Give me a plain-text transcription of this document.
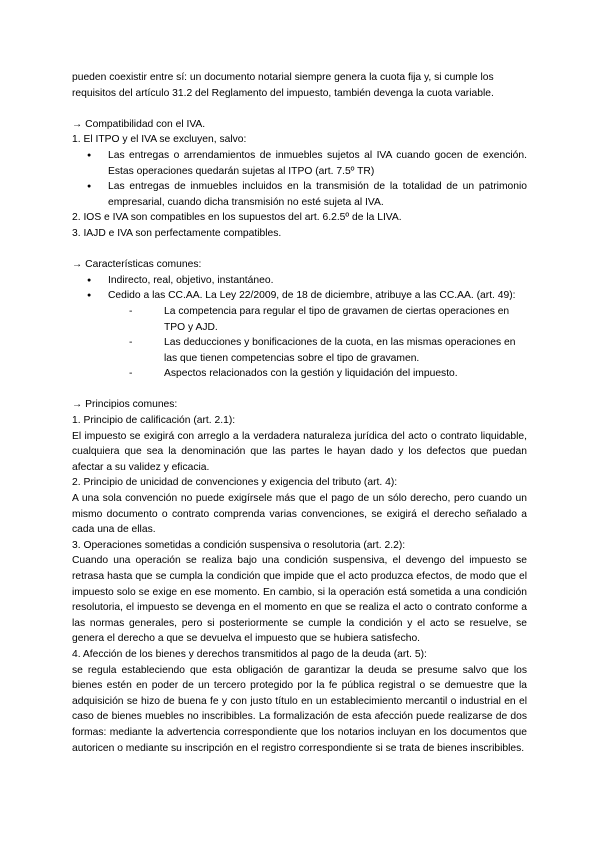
pueden coexistir entre sí: un documento notarial siempre genera la cuota fija y, si cumple los

requisitos del artículo 31.2 del Reglamento del impuesto, también devenga la cuota variable.

→ Compatibilidad con el IVA.

1. El ITPO y el IVA se excluyen, salvo:

● Las entregas o arrendamientos de inmuebles sujetos al IVA cuando gocen de exención. Estas operaciones quedarán sujetas al ITPO (art. 7.5º TR)
● Las entregas de inmuebles incluidos en la transmisión de la totalidad de un patrimonio empresarial, cuando dicha transmisión no esté sujeta al IVA.

2. IOS e IVA son compatibles en los supuestos del art. 6.2.5º de la LIVA.

3. IAJD e IVA son perfectamente compatibles.

→ Características comunes:

● Indirecto, real, objetivo, instantáneo.
● Cedido a las CC.AA. La Ley 22/2009, de 18 de diciembre, atribuye a las CC.AA. (art. 49):
- La competencia para regular el tipo de gravamen de ciertas operaciones en TPO y AJD.
- Las deducciones y bonificaciones de la cuota, en las mismas operaciones en las que tienen competencias sobre el tipo de gravamen.
- Aspectos relacionados con la gestión y liquidación del impuesto.

→ Principios comunes:

1. Principio de calificación (art. 2.1):

El impuesto se exigirá con arreglo a la verdadera naturaleza jurídica del acto o contrato liquidable, cualquiera que sea la denominación que las partes le hayan dado y los defectos que puedan afectar a su validez y eficacia.

2. Principio de unicidad de convenciones y exigencia del tributo (art. 4):

A una sola convención no puede exigírsele más que el pago de un sólo derecho, pero cuando un mismo documento o contrato comprenda varias convenciones, se exigirá el derecho señalado a cada una de ellas.

3. Operaciones sometidas a condición suspensiva o resolutoria (art. 2.2):

Cuando una operación se realiza bajo una condición suspensiva, el devengo del impuesto se retrasa hasta que se cumpla la condición que impide que el acto produzca efectos, de modo que el impuesto solo se exige en ese momento. En cambio, si la operación está sometida a una condición resolutoria, el impuesto se devenga en el momento en que se realiza el acto o contrato conforme a las normas generales, pero si posteriormente se cumple la condición y el acto se resuelve, se genera el derecho a que se devuelva el impuesto que se hubiera satisfecho.

4. Afección de los bienes y derechos transmitidos al pago de la deuda (art. 5):

se regula estableciendo que esta obligación de garantizar la deuda se presume salvo que los bienes estén en poder de un tercero protegido por la fe pública registral o se demuestre que la adquisición se hizo de buena fe y con justo título en un establecimiento mercantil o industrial en el caso de bienes muebles no inscribibles. La formalización de esta afección puede realizarse de dos formas: mediante la advertencia correspondiente que los notarios incluyan en los documentos que autoricen o mediante su inscripción en el registro correspondiente si se trata de bienes inscribibles.
